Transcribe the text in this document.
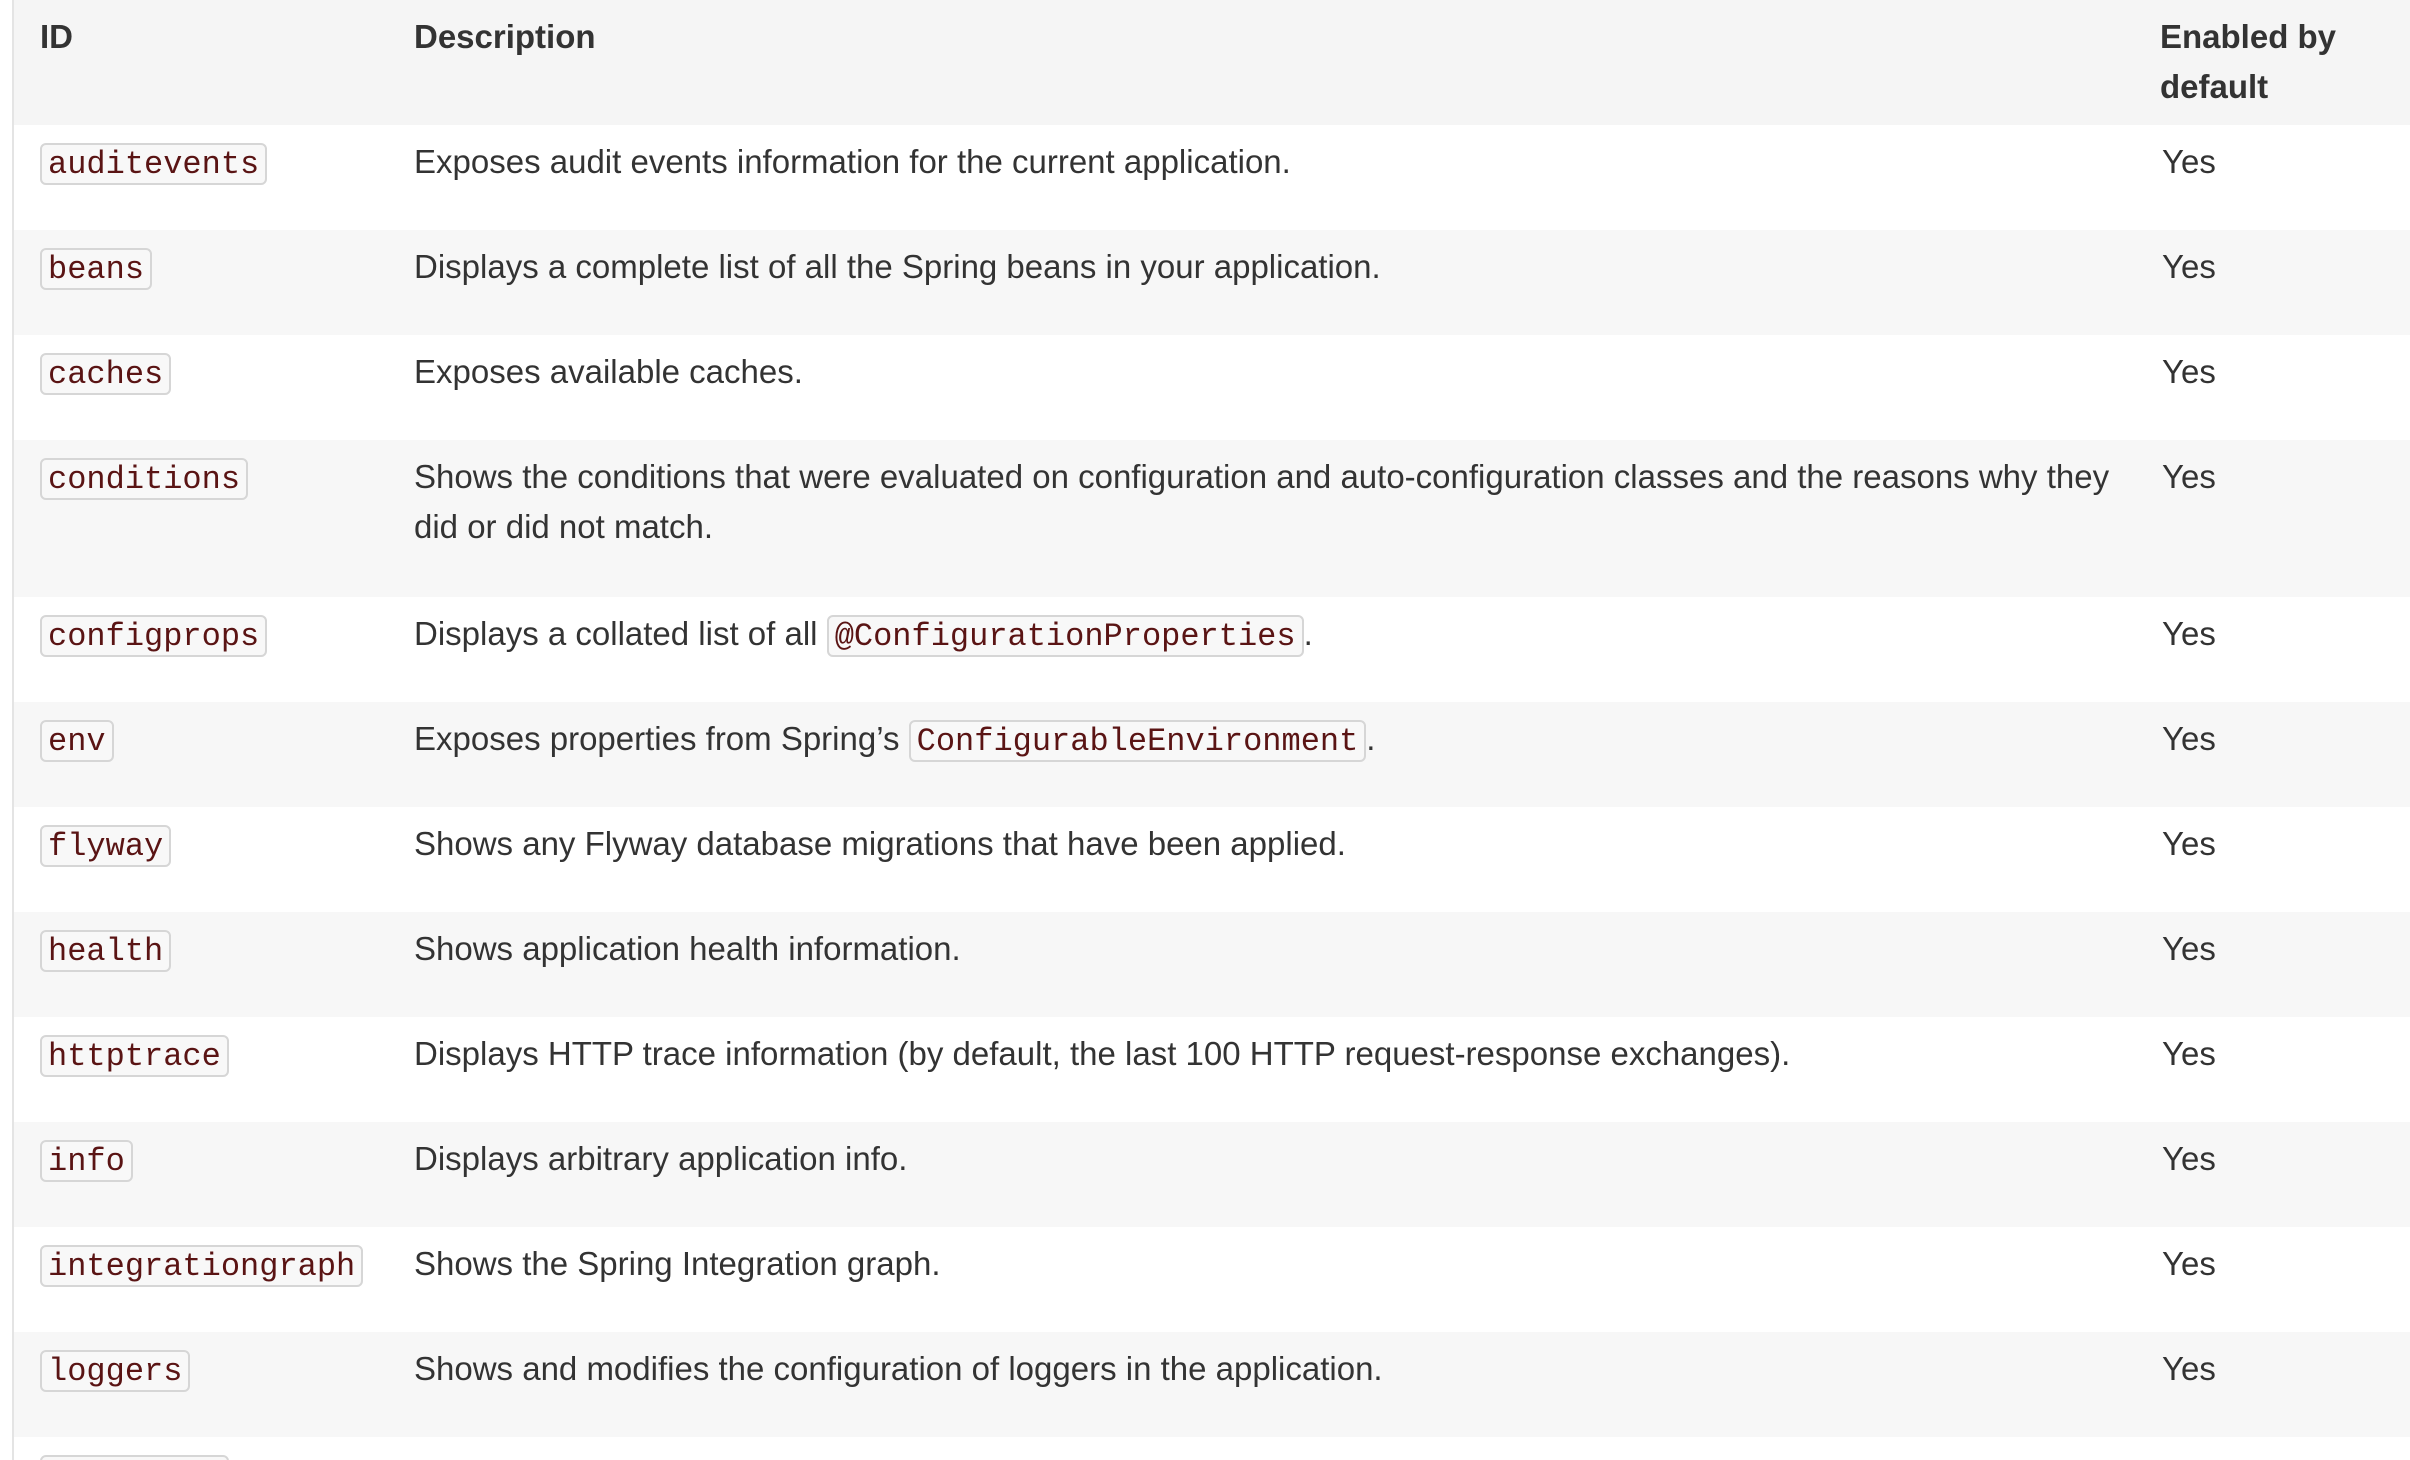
ID	Description	Enabled by default
auditevents	Exposes audit events information for the current application.	Yes
beans	Displays a complete list of all the Spring beans in your application.	Yes
caches	Exposes available caches.	Yes
conditions	Shows the conditions that were evaluated on configuration and auto-configuration classes and the reasons why they did or did not match.	Yes
configprops	Displays a collated list of all @ConfigurationProperties .	Yes
env	Exposes properties from Spring’s ConfigurableEnvironment .	Yes
flyway	Shows any Flyway database migrations that have been applied.	Yes
health	Shows application health information.	Yes
httptrace	Displays HTTP trace information (by default, the last 100 HTTP request-response exchanges).	Yes
info	Displays arbitrary application info.	Yes
integrationgraph	Shows the Spring Integration graph.	Yes
loggers	Shows and modifies the configuration of loggers in the application.	Yes
